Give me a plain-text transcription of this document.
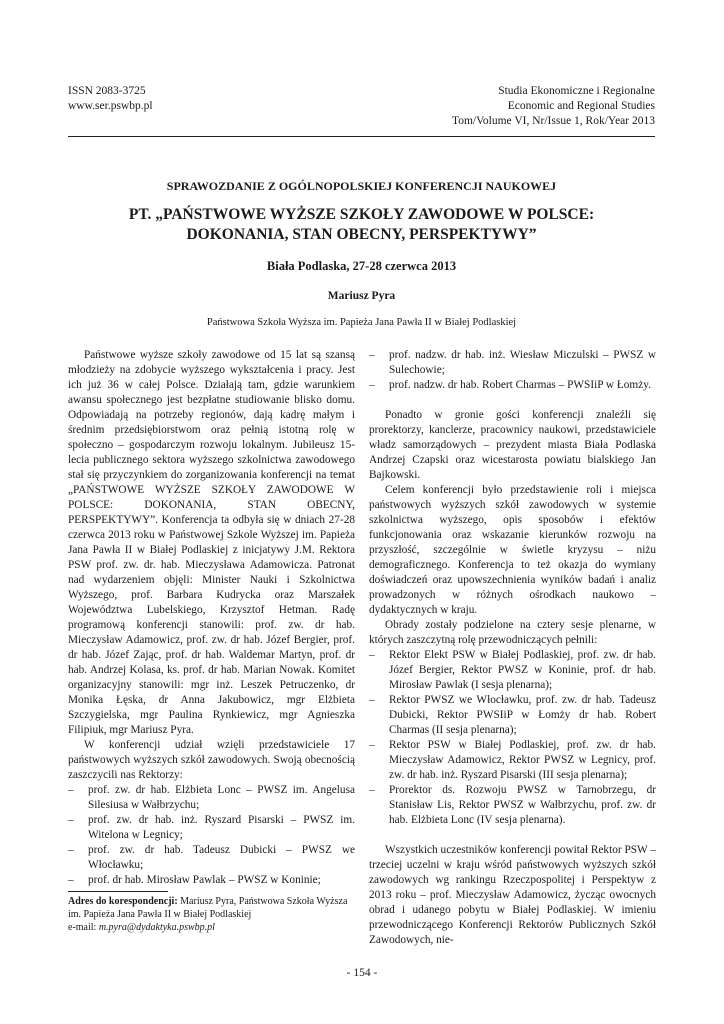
ISSN 2083-3725
www.ser.pswbp.pl
Studia Ekonomiczne i Regionalne
Economic and Regional Studies
Tom/Volume VI, Nr/Issue 1, Rok/Year 2013
SPRAWOZDANIE Z OGÓLNOPOLSKIEJ KONFERENCJI NAUKOWEJ
PT. „PAŃSTWOWE WYŻSZE SZKOŁY ZAWODOWE W POLSCE:
DOKONANIA, STAN OBECNY, PERSPEKTYWY”
Biała Podlaska, 27-28 czerwca 2013
Mariusz Pyra
Państwowa Szkoła Wyższa im. Papieża Jana Pawła II w Białej Podlaskiej

Państwowe wyższe szkoły zawodowe od 15 lat są szansą młodzieży na zdobycie wyższego wykształcenia i pracy. Jest ich już 36 w całej Polsce. Działają tam, gdzie warunkiem awansu społecznego jest bezpłatne studiowanie blisko domu. Odpowiadają na potrzeby regionów, dają kadrę małym i średnim przedsiębiorstwom oraz pełnią istotną rolę w społeczno – gospodarczym rozwoju lokalnym. Jubileusz 15-lecia publicznego sektora wyższego szkolnictwa zawodowego stał się przyczynkiem do zorganizowania konferencji na temat „PAŃSTWOWE WYŻSZE SZKOŁY ZAWODOWE W POLSCE: DOKONANIA, STAN OBECNY, PERSPEKTYWY”. Konferencja ta odbyła się w dniach 27-28 czerwca 2013 roku w Państwowej Szkole Wyższej im. Papieża Jana Pawła II w Białej Podlaskiej z inicjatywy J.M. Rektora PSW prof. zw. dr. hab. Mieczysława Adamowicza. Patronat nad wydarzeniem objęli: Minister Nauki i Szkolnictwa Wyższego, prof. Barbara Kudrycka oraz Marszałek Województwa Lubelskiego, Krzysztof Hetman. Radę programową konferencji stanowili: prof. zw. dr hab. Mieczysław Adamowicz, prof. zw. dr hab. Józef Bergier, prof. dr hab. Józef Zając, prof. dr hab. Waldemar Martyn, prof. dr hab. Andrzej Kolasa, ks. prof. dr hab. Marian Nowak. Komitet organizacyjny stanowili: mgr inż. Leszek Petruczenko, dr Monika Łęska, dr Anna Jakubowicz, mgr Elżbieta Szczygielska, mgr Paulina Rynkiewicz, mgr Agnieszka Filipiuk, mgr Mariusz Pyra.

W konferencji udział wzięli przedstawiciele 17 państwowych wyższych szkół zawodowych. Swoją obecnością zaszczycili nas Rektorzy:

– prof. zw. dr hab. Elżbieta Lonc – PWSZ im. Angelusa Silesiusa w Wałbrzychu;
– prof. zw. dr hab. inż. Ryszard Pisarski – PWSZ im. Witelona w Legnicy;
– prof. zw. dr hab. Tadeusz Dubicki – PWSZ we Włocławku;
– prof. dr hab. Mirosław Pawlak – PWSZ w Koninie;
– prof. nadzw. dr hab. inż. Wiesław Miczulski – PWSZ w Sulechowie;
– prof. nadzw. dr hab. Robert Charmas – PWSIiP w Łomży.

Ponadto w gronie gości konferencji znaleźli się prorektorzy, kanclerze, pracownicy naukowi, przedstawiciele władz samorządowych – prezydent miasta Biała Podlaska Andrzej Czapski oraz wicestarosta powiatu bialskiego Jan Bajkowski.

Celem konferencji było przedstawienie roli i miejsca państwowych wyższych szkół zawodowych w systemie szkolnictwa wyższego, opis sposobów i efektów funkcjonowania oraz wskazanie kierunków rozwoju na przyszłość, szczególnie w świetle kryzysu – niżu demograficznego. Konferencja to też okazja do wymiany doświadczeń oraz upowszechnienia wyników badań i analiz prowadzonych w różnych ośrodkach naukowo – dydaktycznych w kraju.

Obrady zostały podzielone na cztery sesje plenarne, w których zaszczytną rolę przewodniczących pełnili:

– Rektor Elekt PSW w Białej Podlaskiej, prof. zw. dr hab. Józef Bergier, Rektor PWSZ w Koninie, prof. dr hab. Mirosław Pawlak (I sesja plenarna);
– Rektor PWSZ we Włocławku, prof. zw. dr hab. Tadeusz Dubicki, Rektor PWSIiP w Łomży dr hab. Robert Charmas (II sesja plenarna);
– Rektor PSW w Białej Podlaskiej, prof. zw. dr hab. Mieczysław Adamowicz, Rektor PWSZ w Legnicy, prof. zw. dr hab. inż. Ryszard Pisarski (III sesja plenarna);
– Prorektor ds. Rozwoju PWSZ w Tarnobrzegu, dr Stanisław Lis, Rektor PWSZ w Wałbrzychu, prof. zw. dr hab. Elżbieta Lonc (IV sesja plenarna).

Wszystkich uczestników konferencji powitał Rektor PSW – trzeciej uczelni w kraju wśród państwowych wyższych szkół zawodowych wg rankingu Rzeczpospolitej i Perspektyw z 2013 roku – prof. Mieczysław Adamowicz, życząc owocnych obrad i udanego pobytu w Białej Podlaskiej. W imieniu przewodniczącego Konferencji Rektorów Publicznych Szkół Zawodowych, nie-

Adres do korespondencji: Mariusz Pyra, Państwowa Szkoła Wyższa im. Papieża Jana Pawła II w Białej Podlaskiej
e-mail: m.pyra@dydaktyka.pswbp.pl
- 154 -
